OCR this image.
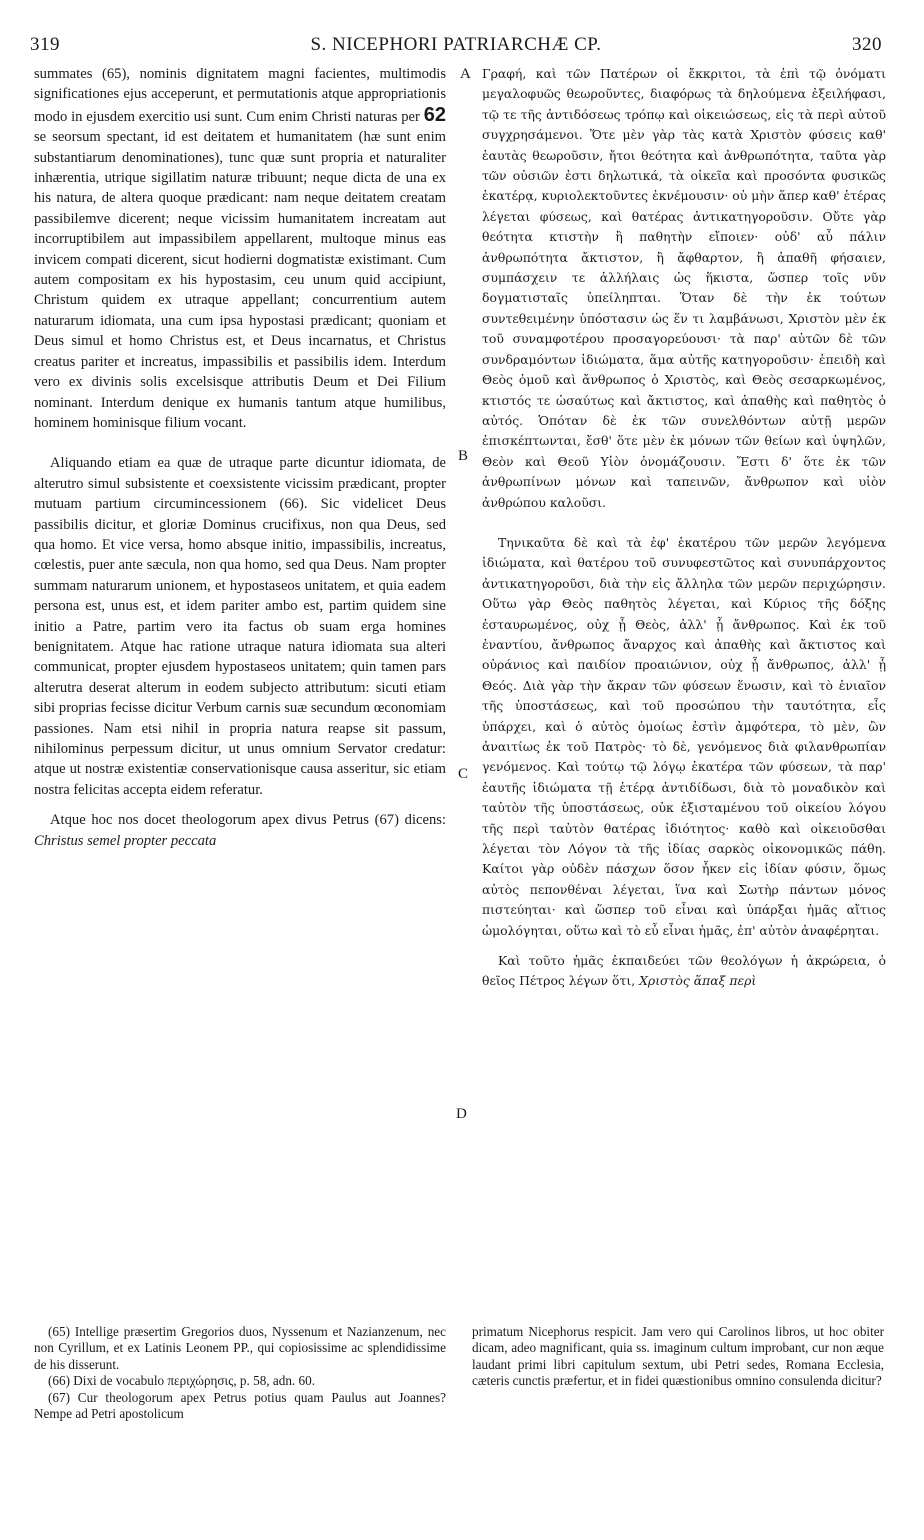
319	S. NICEPHORI PATRIARCHÆ CP.	320

summates (65), nominis dignitatem magni facientes, multimodis significationes ejus acceperunt, et permutationis atque appropriationis modo in ejusdem exercitio usi sunt. Cum enim Christi naturas per 62 se seorsum spectant, id est deitatem et humanitatem (hæ sunt enim substantiarum denominationes), tunc quæ sunt propria et naturaliter inhærentia, utrique sigillatim naturæ tribuunt; neque dicta de una ex his natura, de altera quoque prædicant: nam neque deitatem creatam passibilemve dicerent; neque vicissim humanitatem increatam aut incorruptibilem aut impassibilem appellarent, multoque minus eas invicem compati dicerent, sicut hodierni dogmatistæ existimant. Cum autem compositam ex his hypostasim, ceu unum quid accipiunt, Christum quidem ex utraque appellant; concurrentium autem naturarum idiomata, una cum ipsa hypostasi prædicant; quoniam et Deus simul et homo Christus est, et Deus incarnatus, et Christus creatus pariter et increatus, impassibilis et passibilis idem. Interdum vero ex divinis solis excelsisque attributis Deum et Dei Filium nominant. Interdum denique ex humanis tantum atque humilibus, hominem hominisque filium vocant.

Aliquando etiam ea quæ de utraque parte dicuntur idiomata, de alterutro simul subsistente et coexsistente vicissim prædicant, propter mutuam partium circumincessionem (66). Sic videlicet Deus passibilis dicitur, et gloriæ Dominus crucifixus, non qua Deus, sed qua homo. Et vice versa, homo absque initio, impassibilis, increatus, cœlestis, puer ante sæcula, non qua homo, sed qua Deus. Nam propter summam naturarum unionem, et hypostaseos unitatem, et quia eadem persona est, unus est, et idem pariter ambo est, partim quidem sine initio a Patre, partim vero ita factus ob suam erga homines benignitatem. Atque hac ratione utraque natura idiomata sua alteri communicat, propter ejusdem hypostaseos unitatem; quin tamen pars alterutra deserat alterum in eodem subjecto attributum: sicuti etiam sibi proprias fecisse dicitur Verbum carnis suæ secundum œconomiam passiones. Nam etsi nihil in propria natura reapse sit passum, nihilominus perpessum dicitur, ut unus omnium Servator credatur: atque ut nostræ existentiæ conservationisque causa asseritur, sic etiam nostra felicitas accepta eidem referatur.

Atque hoc nos docet theologorum apex divus Petrus (67) dicens: Christus semel propter peccata

A
B
C
D

Γραφή, καὶ τῶν Πατέρων οἱ ἔκκριτοι, τὰ ἐπὶ τῷ ὀνόματι μεγαλοφυῶς θεωροῦντες, διαφόρως τὰ δηλούμενα ἐξειλήφασι, τῷ τε τῆς ἀντιδόσεως τρόπῳ καὶ οἰκειώσεως, εἰς τὰ περὶ αὐτοῦ συγχρησάμενοι. Ὅτε μὲν γὰρ τὰς κατὰ Χριστὸν φύσεις καθ' ἑαυτὰς θεωροῦσιν, ἤτοι θεότητα καὶ ἀνθρωπότητα, ταῦτα γὰρ τῶν οὐσιῶν ἐστι δηλωτικά, τὰ οἰκεῖα καὶ προσόντα φυσικῶς ἑκατέρᾳ, κυριολεκτοῦντες ἐκνέμουσιν· οὐ μὴν ἅπερ καθ' ἑτέρας λέγεται φύσεως, καὶ θατέρας ἀντικατηγοροῦσιν. Οὔτε γὰρ θεότητα κτιστὴν ἢ παθητὴν εἴποιεν· οὐδ' αὖ πάλιν ἀνθρωπότητα ἄκτιστον, ἢ ἄφθαρτον, ἢ ἀπαθῆ φήσαιεν, συμπάσχειν τε ἀλλήλαις ὡς ἥκιστα, ὥσπερ τοῖς νῦν δογματισταῖς ὑπείληπται. Ὅταν δὲ τὴν ἐκ τούτων συντεθειμένην ὑπόστασιν ὡς ἕν τι λαμβάνωσι, Χριστὸν μὲν ἐκ τοῦ συναμφοτέρου προσαγορεύουσι· τὰ παρ' αὐτῶν δὲ τῶν συνδραμόντων ἰδιώματα, ἅμα αὐτῆς κατηγοροῦσιν· ἐπειδὴ καὶ Θεὸς ὁμοῦ καὶ ἄνθρωπος ὁ Χριστὸς, καὶ Θεὸς σεσαρκωμένος, κτιστός τε ὡσαύτως καὶ ἄκτιστος, καὶ ἀπαθὴς καὶ παθητὸς ὁ αὐτός. Ὁπόταν δὲ ἐκ τῶν συνελθόντων αὐτῇ μερῶν ἐπισκέπτωνται, ἔσθ' ὅτε μὲν ἐκ μόνων τῶν θείων καὶ ὑψηλῶν, Θεὸν καὶ Θεοῦ Υἱὸν ὀνομάζουσιν. Ἔστι δ' ὅτε ἐκ τῶν ἀνθρωπίνων μόνων καὶ ταπεινῶν, ἄνθρωπον καὶ υἱὸν ἀνθρώπου καλοῦσι.

Τηνικαῦτα δὲ καὶ τὰ ἐφ' ἑκατέρου τῶν μερῶν λεγόμενα ἰδιώματα, καὶ θατέρου τοῦ συνυφεστῶτος καὶ συνυπάρχοντος ἀντικατηγοροῦσι, διὰ τὴν εἰς ἄλληλα τῶν μερῶν περιχώρησιν. Οὕτω γὰρ Θεὸς παθητὸς λέγεται, καὶ Κύριος τῆς δόξης ἐσταυρωμένος, οὐχ ᾗ Θεὸς, ἀλλ' ᾗ ἄνθρωπος. Καὶ ἐκ τοῦ ἐναντίου, ἄνθρωπος ἄναρχος καὶ ἀπαθὴς καὶ ἄκτιστος καὶ οὐράνιος καὶ παιδίον προαιώνιον, οὐχ ᾗ ἄνθρωπος, ἀλλ' ᾗ Θεός. Διὰ γὰρ τὴν ἄκραν τῶν φύσεων ἕνωσιν, καὶ τὸ ἑνιαῖον τῆς ὑποστάσεως, καὶ τοῦ προσώπου τὴν ταυτότητα, εἷς ὑπάρχει, καὶ ὁ αὐτὸς ὁμοίως ἐστὶν ἀμφότερα, τὸ μὲν, ὢν ἀναιτίως ἐκ τοῦ Πατρὸς· τὸ δὲ, γενόμενος διὰ φιλανθρωπίαν γενόμενος. Καὶ τούτῳ τῷ λόγῳ ἑκατέρα τῶν φύσεων, τὰ παρ' ἑαυτῆς ἰδιώματα τῇ ἑτέρᾳ ἀντιδίδωσι, διὰ τὸ μοναδικὸν καὶ ταὐτὸν τῆς ὑποστάσεως, οὐκ ἐξισταμένου τοῦ οἰκείου λόγου τῆς περὶ ταὐτὸν θατέρας ἰδιότητος· καθὸ καὶ οἰκειοῦσθαι λέγεται τὸν Λόγον τὰ τῆς ἰδίας σαρκὸς οἰκονομικῶς πάθη. Καίτοι γὰρ οὐδὲν πάσχων ὅσον ἧκεν εἰς ἰδίαν φύσιν, ὅμως αὐτὸς πεπονθέναι λέγεται, ἵνα καὶ Σωτὴρ πάντων μόνος πιστεύηται· καὶ ὥσπερ τοῦ εἶναι καὶ ὑπάρξαι ἡμᾶς αἴτιος ὡμολόγηται, οὕτω καὶ τὸ εὖ εἶναι ἡμᾶς, ἐπ' αὐτὸν ἀναφέρηται.

Καὶ τοῦτο ἡμᾶς ἐκπαιδεύει τῶν θεολόγων ἡ ἀκρώρεια, ὁ θεῖος Πέτρος λέγων ὅτι, Χριστὸς ἅπαξ περὶ

(65) Intellige præsertim Gregorios duos, Nyssenum et Nazianzenum, nec non Cyrillum, et ex Latinis Leonem PP., qui copiosissime ac splendidissime de his disserunt.

(66) Dixi de vocabulo περιχώρησις, p. 58, adn. 60.

(67) Cur theologorum apex Petrus potius quam Paulus aut Joannes? Nempe ad Petri apostolicum

primatum Nicephorus respicit. Jam vero qui Carolinos libros, ut hoc obiter dicam, adeo magnificant, quia ss. imaginum cultum improbant, cur non æque laudant primi libri capitulum sextum, ubi Petri sedes, Romana Ecclesia, cæteris cunctis præfertur, et in fidei quæstionibus omnino consulenda dicitur?
